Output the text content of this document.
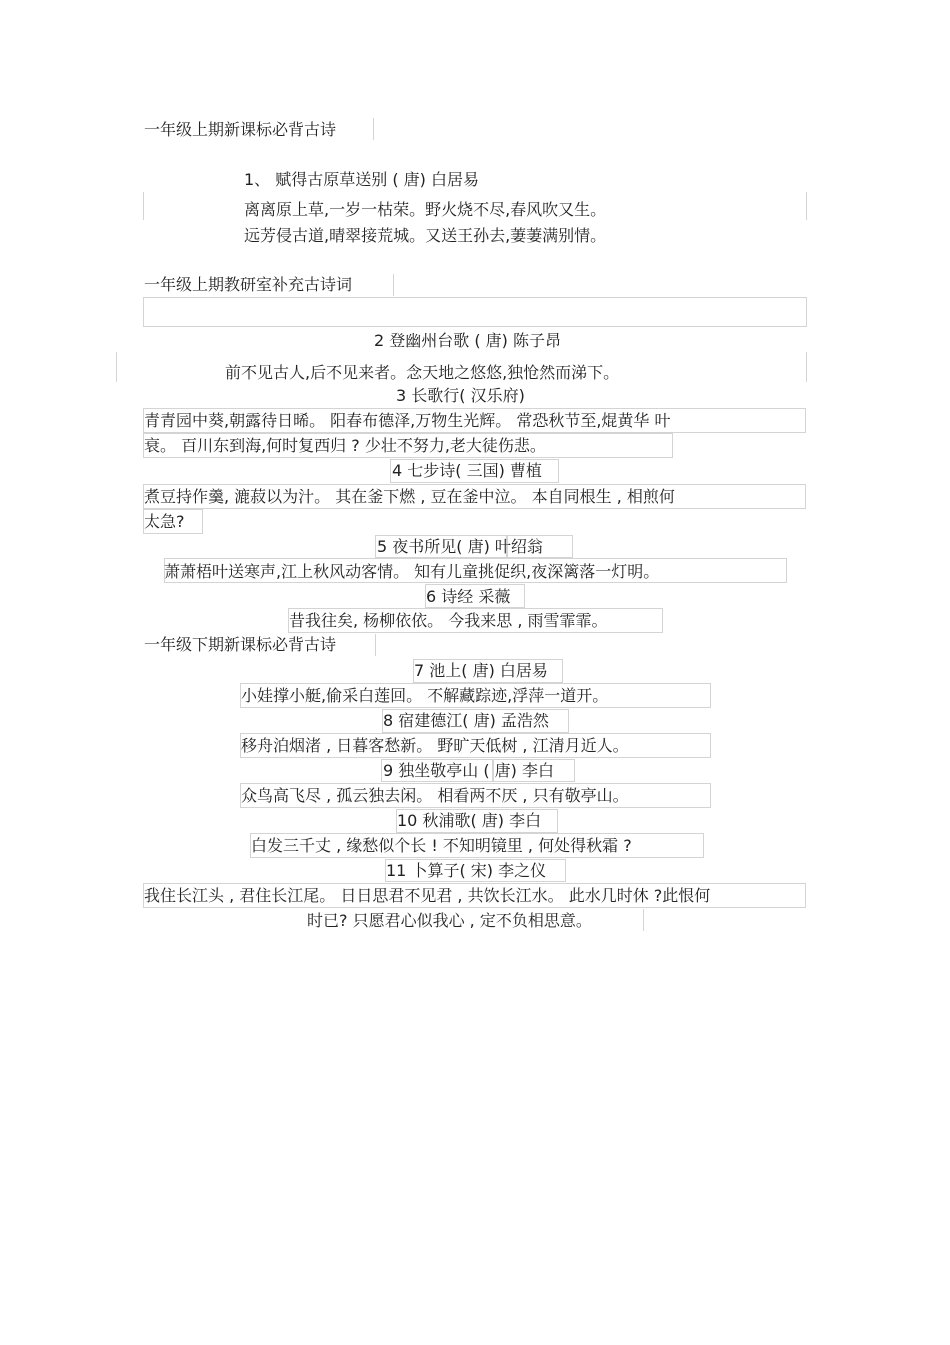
一年级上期新课标必背古诗
一年级上期教研室补充古诗词
一年级下期新课标必背古诗
1、 赋得古原草送别 ( 唐) 白居易
离离原上草,一岁一枯荣。野火烧不尽,春风吹又生。
远芳侵古道,晴翠接荒城。又送王孙去,萋萋满别情。
2 登幽州台歌 ( 唐) 陈子昂
前不见古人,后不见来者。念天地之悠悠,独怆然而涕下。
3 长歌行( 汉乐府)
青青园中葵,朝露待日晞。 阳春布德泽,万物生光辉。 常恐秋节至,焜黄华 叶
衰。 百川东到海,何时复西归 ? 少壮不努力,老大徒伤悲。
4 七步诗( 三国) 曹植
煮豆持作羹, 漉菽以为汁。 其在釜下燃 , 豆在釜中泣。 本自同根生 , 相煎何
太急?
5 夜书所见( 唐) 叶绍翁
萧萧梧叶送寒声,江上秋风动客情。 知有儿童挑促织,夜深篱落一灯明。
6 诗经 采薇
昔我往矣, 杨柳依依。 今我来思 , 雨雪霏霏。
7 池上( 唐) 白居易
小娃撑小艇,偷采白莲回。 不解藏踪迹,浮萍一道开。
8 宿建德江( 唐) 孟浩然
移舟泊烟渚 , 日暮客愁新。 野旷天低树 , 江清月近人。
9 独坐敬亭山 ( 唐) 李白
众鸟高飞尽 , 孤云独去闲。 相看两不厌 , 只有敬亭山。
10 秋浦歌( 唐) 李白
白发三千丈 , 缘愁似个长 ! 不知明镜里 , 何处得秋霜 ?
11 卜算子( 宋) 李之仪
我住长江头 , 君住长江尾。 日日思君不见君 , 共饮长江水。 此水几时休 ?此恨何
时已? 只愿君心似我心 , 定不负相思意。
